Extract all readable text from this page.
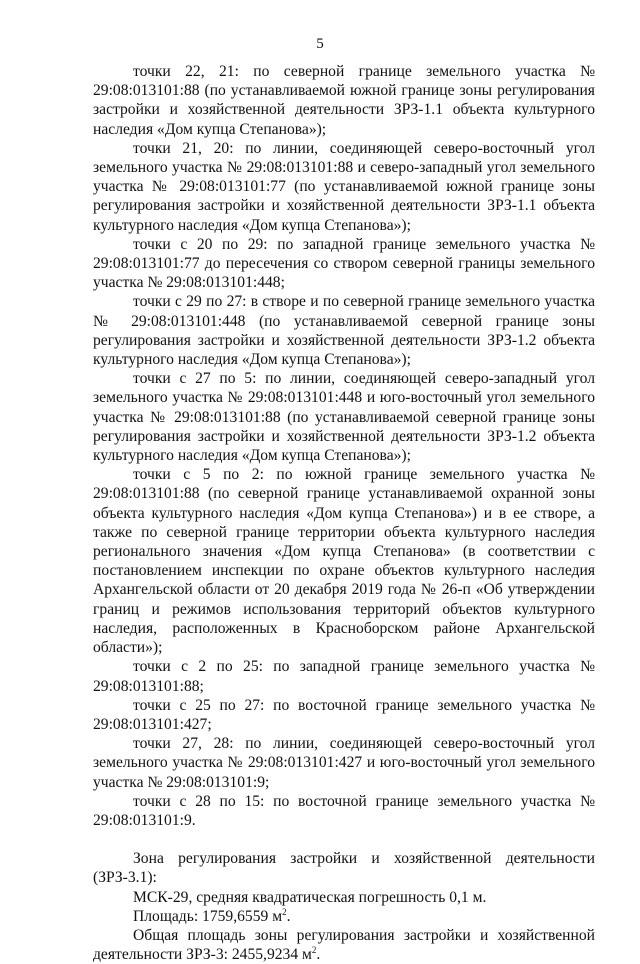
5

точки 22, 21: по северной границе земельного участка № 29:08:013101:88 (по устанавливаемой южной границе зоны регулирования застройки и хозяйственной деятельности ЗРЗ-1.1 объекта культурного наследия «Дом купца Степанова»);

точки 21, 20: по линии, соединяющей северо-восточный угол земельного участка № 29:08:013101:88 и северо-западный угол земельного участка № 29:08:013101:77 (по устанавливаемой южной границе зоны регулирования застройки и хозяйственной деятельности ЗРЗ-1.1 объекта культурного наследия «Дом купца Степанова»);

точки с 20 по 29: по западной границе земельного участка № 29:08:013101:77 до пересечения со створом северной границы земельного участка № 29:08:013101:448;

точки с 29 по 27: в створе и по северной границе земельного участка № 29:08:013101:448 (по устанавливаемой северной границе зоны регулирования застройки и хозяйственной деятельности ЗРЗ-1.2 объекта культурного наследия «Дом купца Степанова»);

точки с 27 по 5: по линии, соединяющей северо-западный угол земельного участка № 29:08:013101:448 и юго-восточный угол земельного участка № 29:08:013101:88 (по устанавливаемой северной границе зоны регулирования застройки и хозяйственной деятельности ЗРЗ-1.2 объекта культурного наследия «Дом купца Степанова»);

точки с 5 по 2: по южной границе земельного участка № 29:08:013101:88 (по северной границе устанавливаемой охранной зоны объекта культурного наследия «Дом купца Степанова») и в ее створе, а также по северной границе территории объекта культурного наследия регионального значения «Дом купца Степанова» (в соответствии с постановлением инспекции по охране объектов культурного наследия Архангельской области от 20 декабря 2019 года № 26-п «Об утверждении границ и режимов использования территорий объектов культурного наследия, расположенных в Красноборском районе Архангельской области»);

точки с 2 по 25: по западной границе земельного участка № 29:08:013101:88;

точки с 25 по 27: по восточной границе земельного участка № 29:08:013101:427;

точки 27, 28: по линии, соединяющей северо-восточный угол земельного участка № 29:08:013101:427 и юго-восточный угол земельного участка № 29:08:013101:9;

точки с 28 по 15: по восточной границе земельного участка № 29:08:013101:9.

Зона регулирования застройки и хозяйственной деятельности (ЗРЗ-3.1):

МСК-29, средняя квадратическая погрешность 0,1 м.

Площадь: 1759,6559 $м^2$.

Общая площадь зоны регулирования застройки и хозяйственной деятельности ЗРЗ-3: 2455,9234 $м^2$.
